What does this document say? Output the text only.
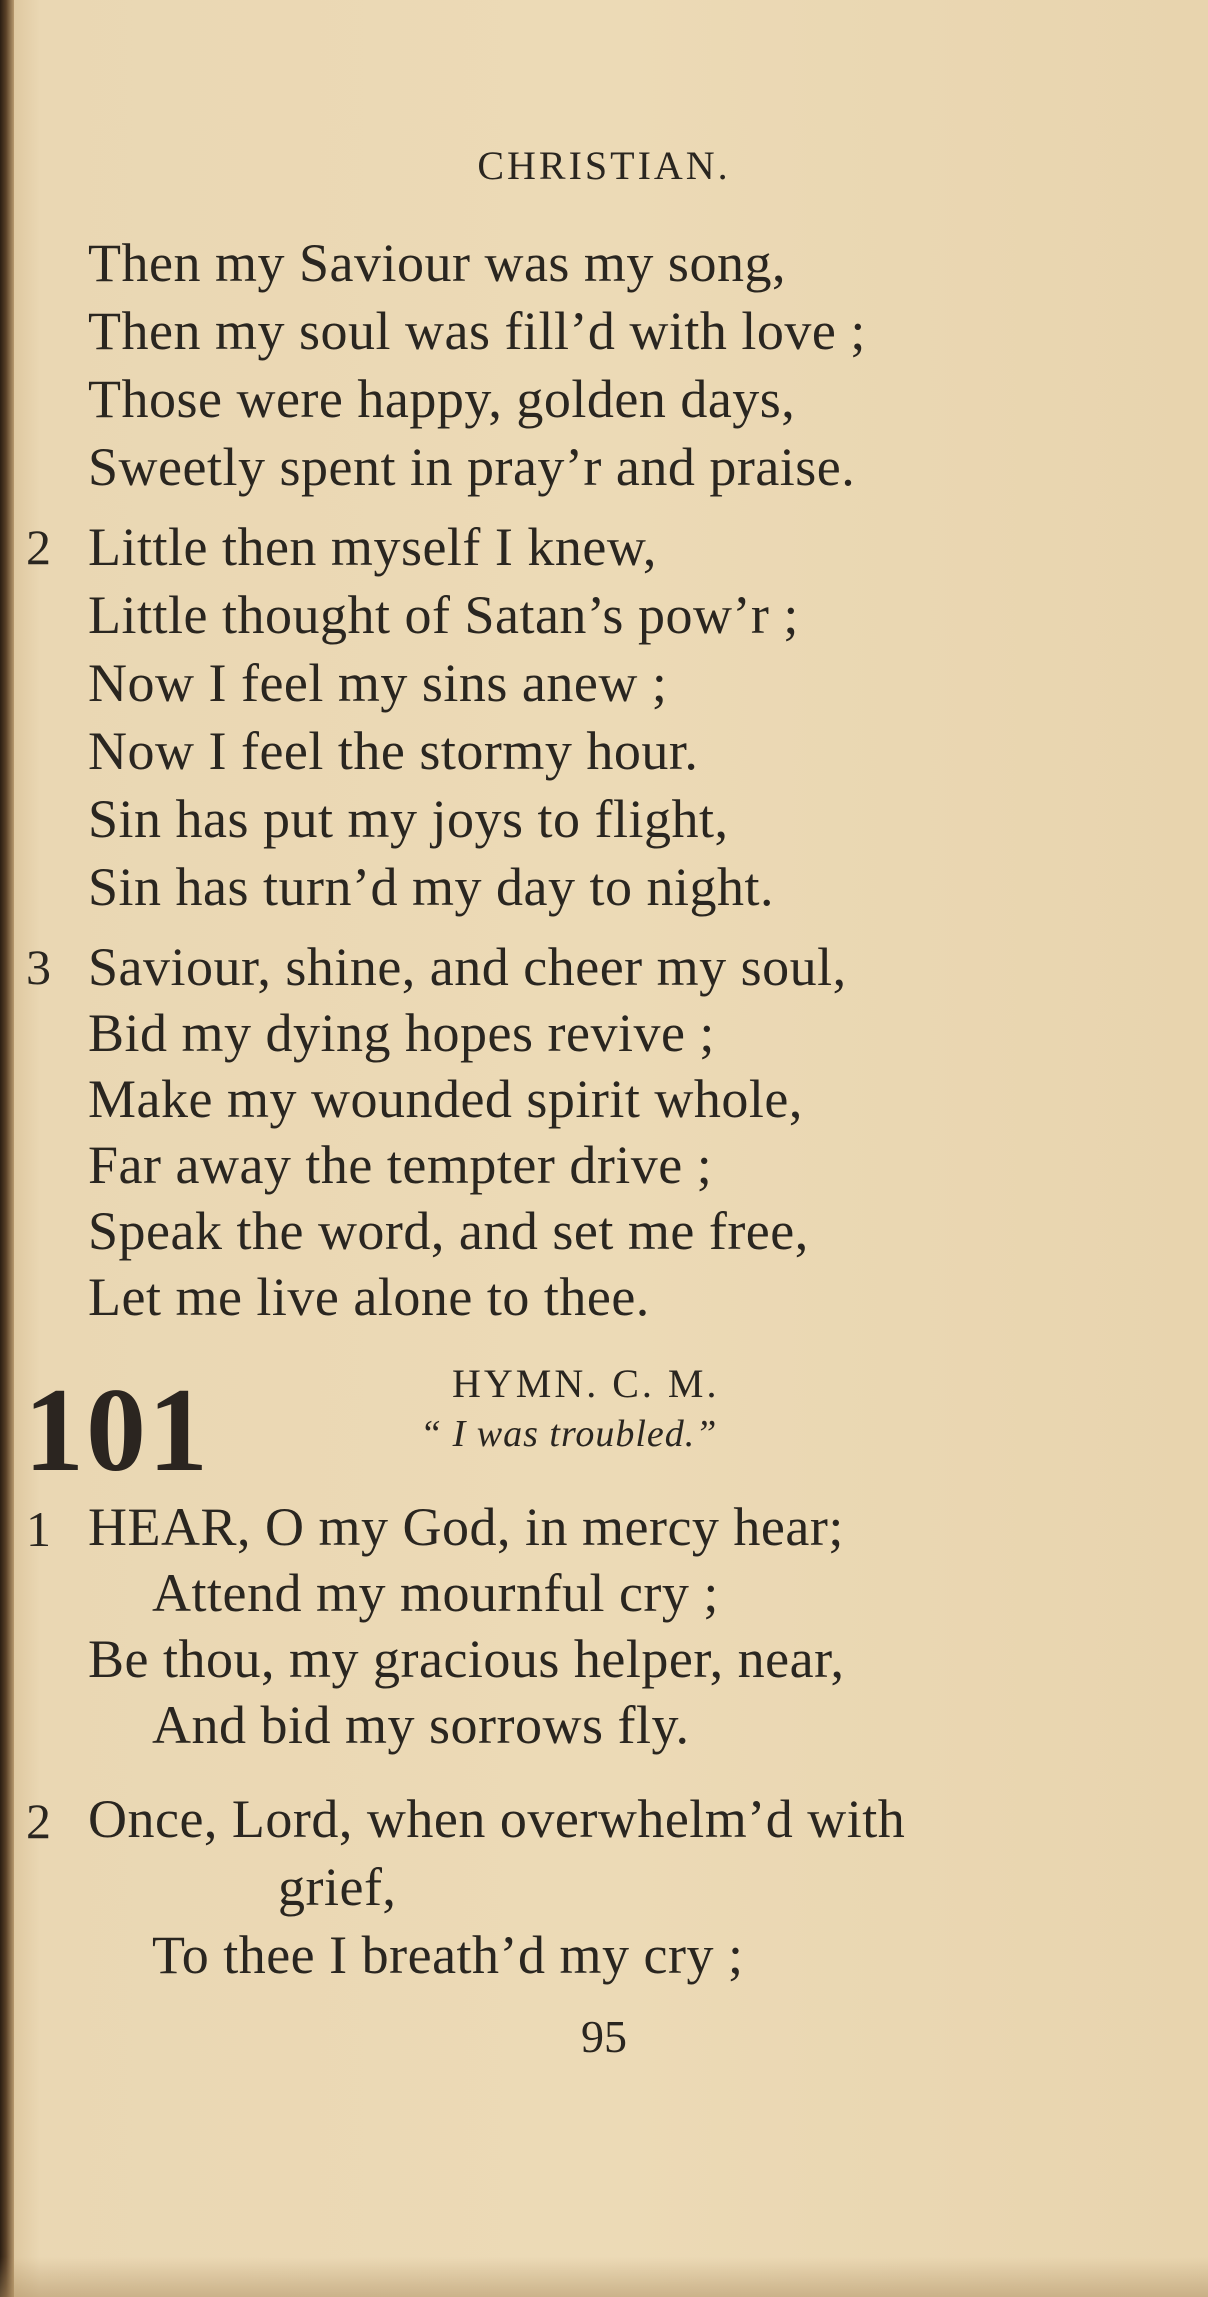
CHRISTIAN.
Then my Saviour was my song,
Then my soul was fill’d with love ;
Those were happy, golden days,
Sweetly spent in pray’r and praise.
2 Little then myself I knew,
Little thought of Satan’s pow’r ;
Now I feel my sins anew ;
Now I feel the stormy hour.
Sin has put my joys to flight,
Sin has turn’d my day to night.
3 Saviour, shine, and cheer my soul,
Bid my dying hopes revive ;
Make my wounded spirit whole,
Far away the tempter drive ;
Speak the word, and set me free,
Let me live alone to thee.
101	HYMN. C. M.
“ I was troubled.”
1 HEAR, O my God, in mercy hear;
Attend my mournful cry ;
Be thou, my gracious helper, near,
And bid my sorrows fly.
2 Once, Lord, when overwhelm’d with
grief,
To thee I breath’d my cry ;
95
